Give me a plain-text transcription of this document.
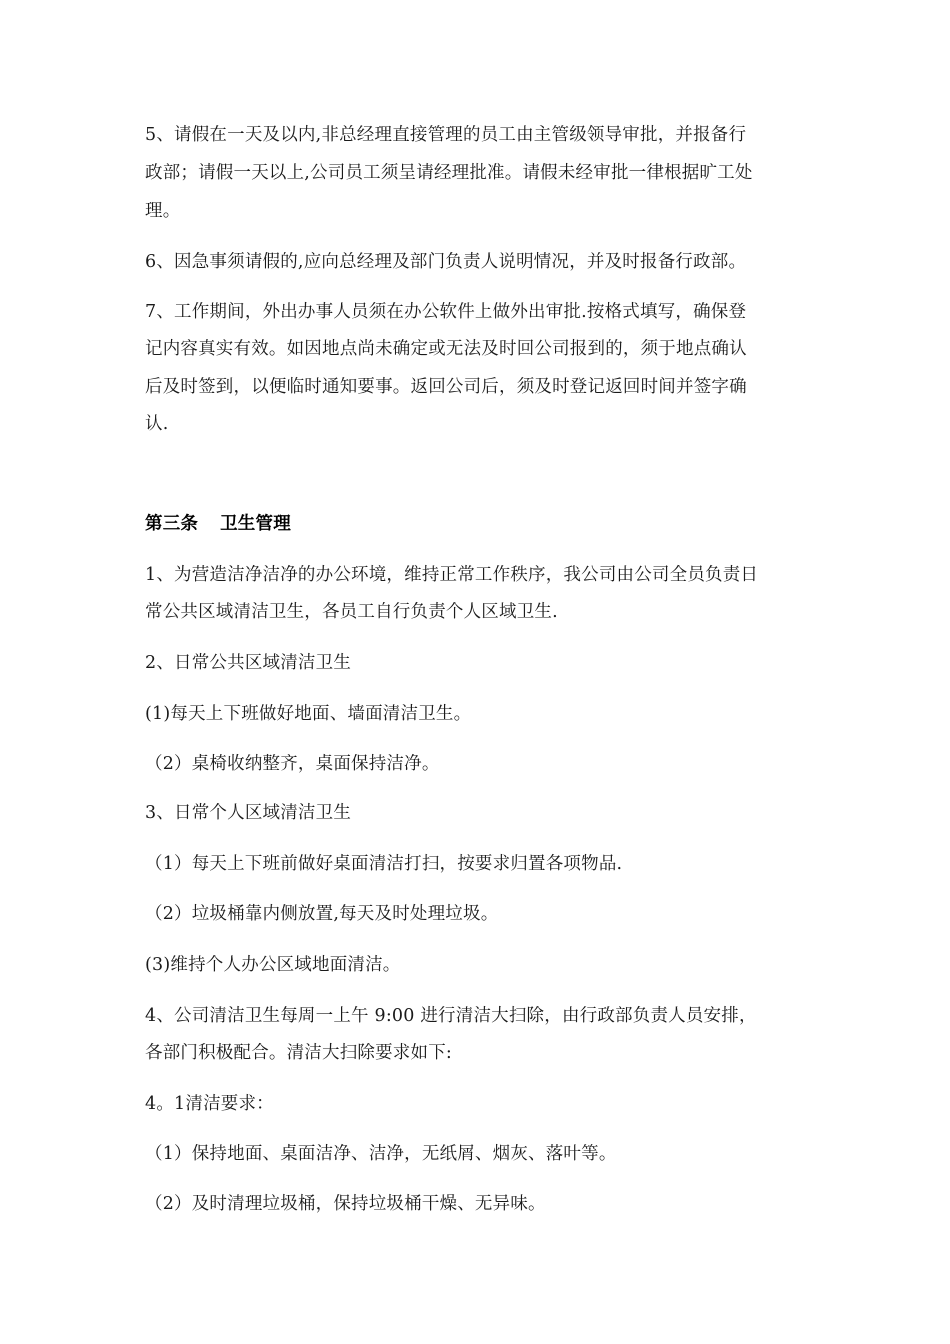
5、请假在一天及以内,非总经理直接管理的员工由主管级领导审批，并报备行
政部；请假一天以上,公司员工须呈请经理批准。请假未经审批一律根据旷工处
理。
6、因急事须请假的,应向总经理及部门负责人说明情况，并及时报备行政部。
7、工作期间，外出办事人员须在办公软件上做外出审批.按格式填写，确保登
记内容真实有效。如因地点尚未确定或无法及时回公司报到的，须于地点确认
后及时签到，以便临时通知要事。返回公司后，须及时登记返回时间并签字确
认.
第三条 卫生管理
1、为营造洁净洁净的办公环境，维持正常工作秩序，我公司由公司全员负责日
常公共区域清洁卫生，各员工自行负责个人区域卫生.
2、日常公共区域清洁卫生
(1)每天上下班做好地面、墙面清洁卫生。
（2）桌椅收纳整齐，桌面保持洁净。
3、日常个人区域清洁卫生
（1）每天上下班前做好桌面清洁打扫，按要求归置各项物品.
（2）垃圾桶靠内侧放置,每天及时处理垃圾。
(3)维持个人办公区域地面清洁。
4、公司清洁卫生每周一上午 9:00 进行清洁大扫除，由行政部负责人员安排，
各部门积极配合。清洁大扫除要求如下:
4。1清洁要求：
（1）保持地面、桌面洁净、洁净，无纸屑、烟灰、落叶等。
（2）及时清理垃圾桶，保持垃圾桶干燥、无异味。
